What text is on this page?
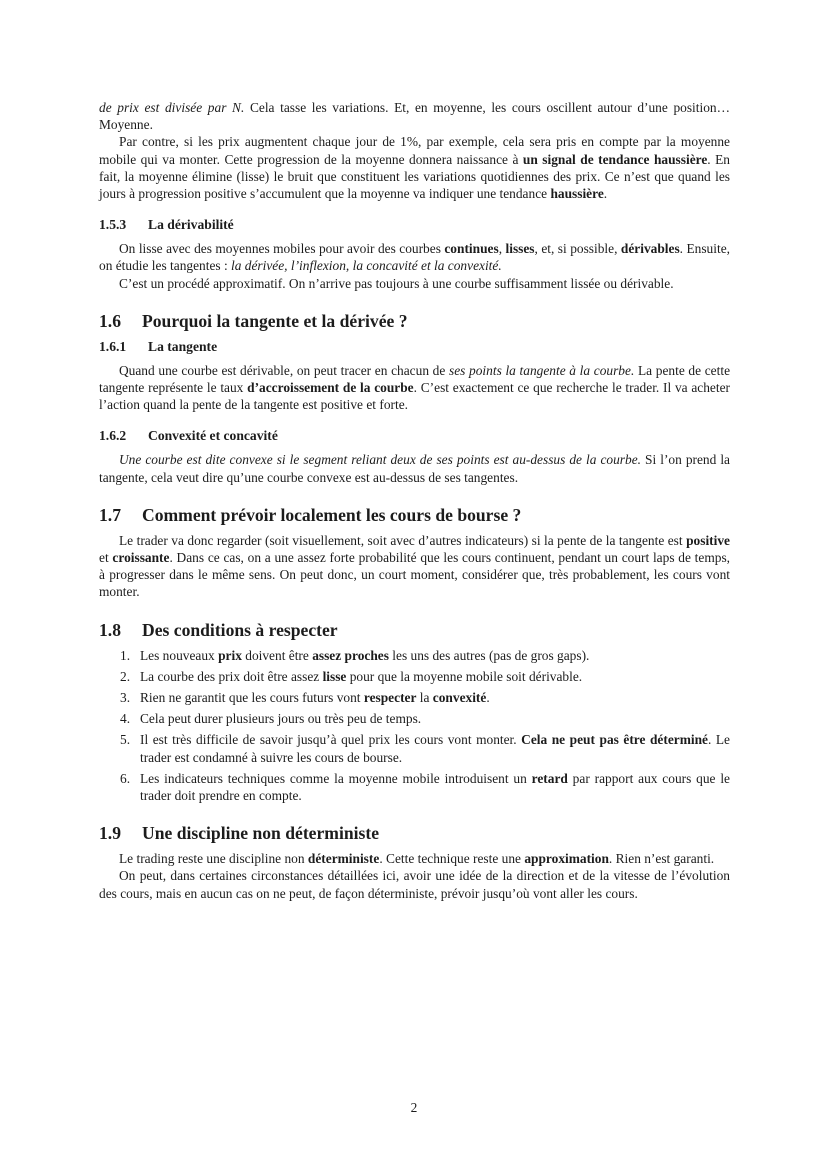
de prix est divisée par N. Cela tasse les variations. Et, en moyenne, les cours oscillent autour d’une position… Moyenne.

Par contre, si les prix augmentent chaque jour de 1%, par exemple, cela sera pris en compte par la moyenne mobile qui va monter. Cette progression de la moyenne donnera naissance à un signal de tendance haussière. En fait, la moyenne élimine (lisse) le bruit que constituent les variations quotidiennes des prix. Ce n’est que quand les jours à progression positive s’accumulent que la moyenne va indiquer une tendance haussière.

1.5.3 La dérivabilité

On lisse avec des moyennes mobiles pour avoir des courbes continues, lisses, et, si possible, dérivables. Ensuite, on étudie les tangentes : la dérivée, l’inflexion, la concavité et la convexité.

C’est un procédé approximatif. On n’arrive pas toujours à une courbe suffisamment lissée ou dérivable.

1.6 Pourquoi la tangente et la dérivée ?
1.6.1 La tangente

Quand une courbe est dérivable, on peut tracer en chacun de ses points la tangente à la courbe. La pente de cette tangente représente le taux d’accroissement de la courbe. C’est exactement ce que recherche le trader. Il va acheter l’action quand la pente de la tangente est positive et forte.

1.6.2 Convexité et concavité

Une courbe est dite convexe si le segment reliant deux de ses points est au-dessus de la courbe. Si l’on prend la tangente, cela veut dire qu’une courbe convexe est au-dessus de ses tangentes.

1.7 Comment prévoir localement les cours de bourse ?

Le trader va donc regarder (soit visuellement, soit avec d’autres indicateurs) si la pente de la tangente est positive et croissante. Dans ce cas, on a une assez forte probabilité que les cours continuent, pendant un court laps de temps, à progresser dans le même sens. On peut donc, un court moment, considérer que, très probablement, les cours vont monter.

1.8 Des conditions à respecter
1. Les nouveaux prix doivent être assez proches les uns des autres (pas de gros gaps).
2. La courbe des prix doit être assez lisse pour que la moyenne mobile soit dérivable.
3. Rien ne garantit que les cours futurs vont respecter la convexité.
4. Cela peut durer plusieurs jours ou très peu de temps.
5. Il est très difficile de savoir jusqu’à quel prix les cours vont monter. Cela ne peut pas être déterminé. Le trader est condamné à suivre les cours de bourse.
6. Les indicateurs techniques comme la moyenne mobile introduisent un retard par rapport aux cours que le trader doit prendre en compte.
1.9 Une discipline non déterministe

Le trading reste une discipline non déterministe. Cette technique reste une approximation. Rien n’est garanti.

On peut, dans certaines circonstances détaillées ici, avoir une idée de la direction et de la vitesse de l’évolution des cours, mais en aucun cas on ne peut, de façon déterministe, prévoir jusqu’où vont aller les cours.

2
